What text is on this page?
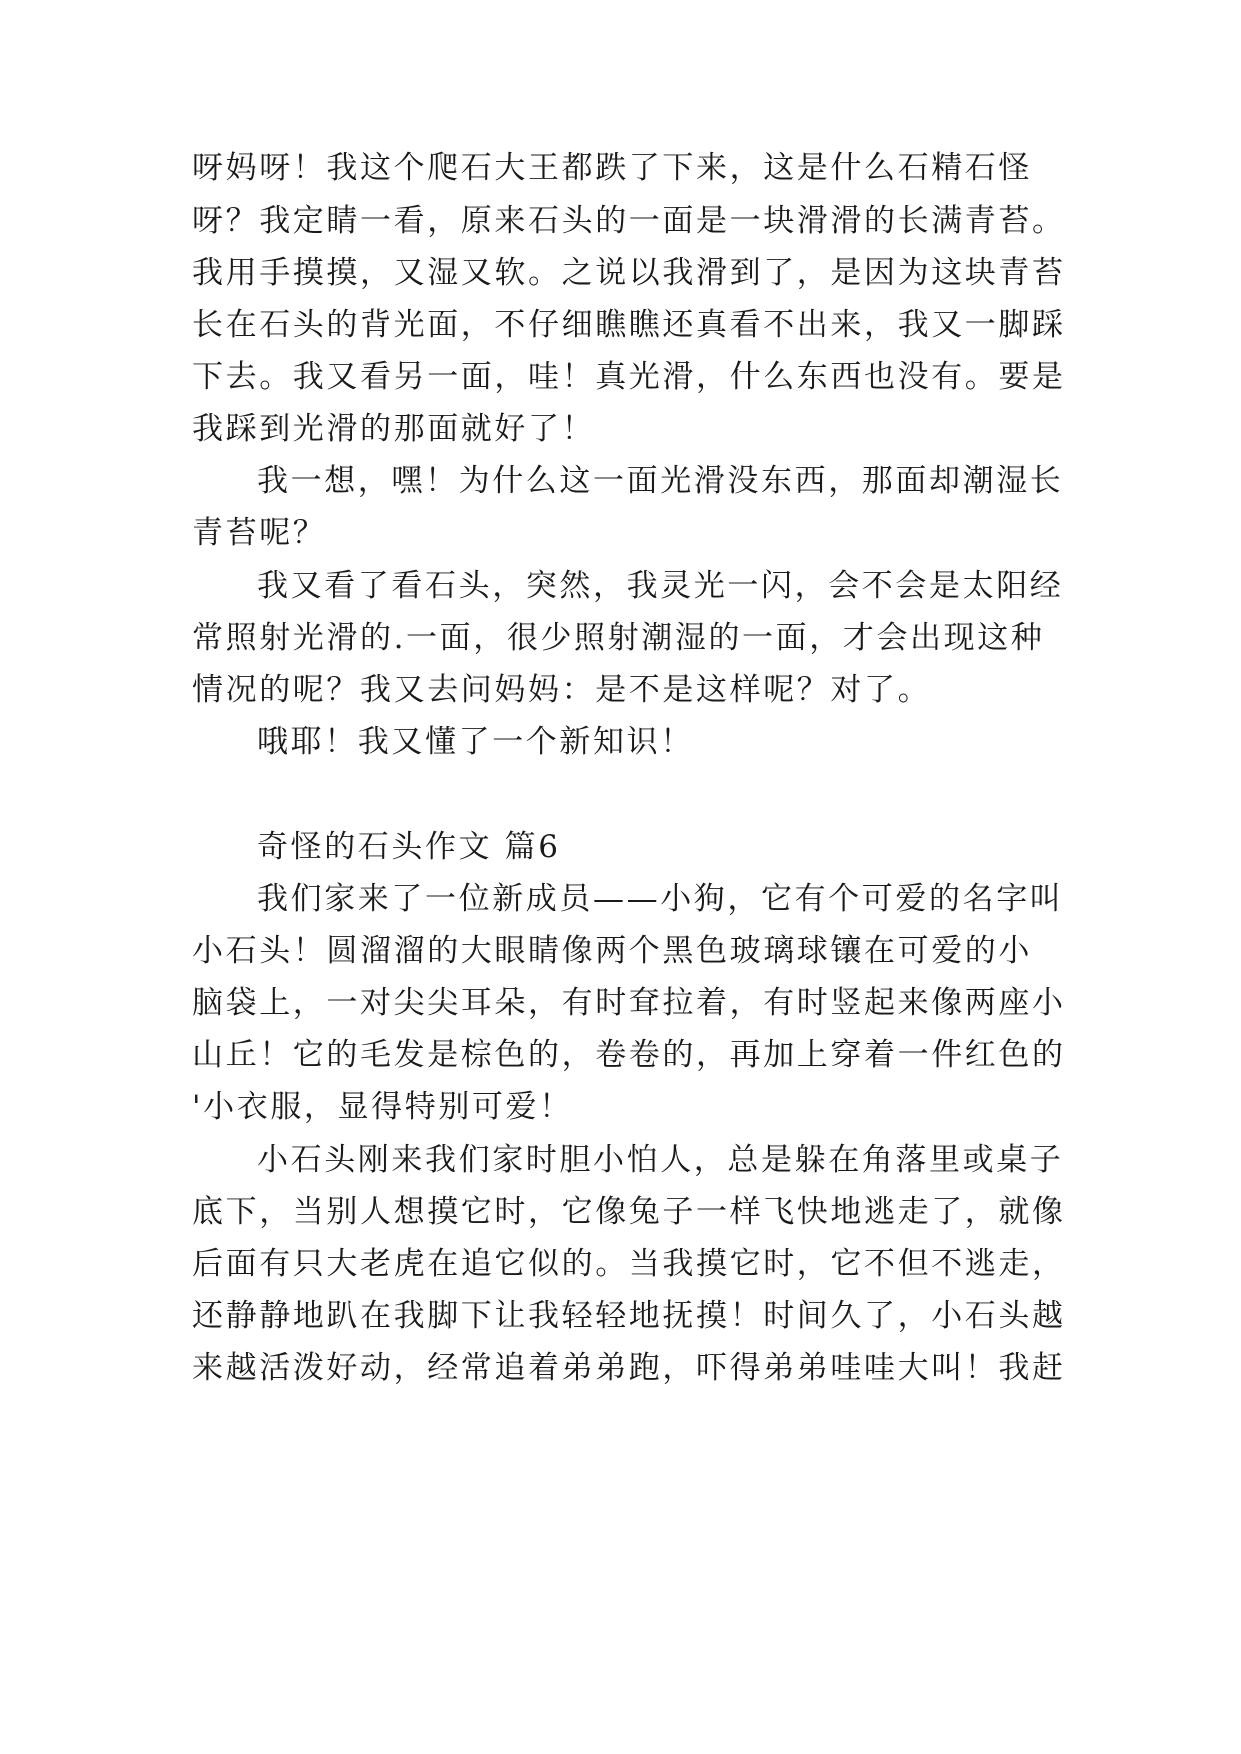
呀妈呀！我这个爬石大王都跌了下来，这是什么石精石怪
呀？我定睛一看，原来石头的一面是一块滑滑的长满青苔。
我用手摸摸，又湿又软。之说以我滑到了，是因为这块青苔
长在石头的背光面，不仔细瞧瞧还真看不出来，我又一脚踩
下去。我又看另一面，哇！真光滑，什么东西也没有。要是
我踩到光滑的那面就好了！
我一想，嘿！为什么这一面光滑没东西，那面却潮湿长
青苔呢？
我又看了看石头，突然，我灵光一闪，会不会是太阳经
常照射光滑的.一面，很少照射潮湿的一面，才会出现这种
情况的呢？我又去问妈妈：是不是这样呢？对了。
哦耶！我又懂了一个新知识！
奇怪的石头作文 篇6
我们家来了一位新成员——小狗，它有个可爱的名字叫
小石头！圆溜溜的大眼睛像两个黑色玻璃球镶在可爱的小
脑袋上，一对尖尖耳朵，有时耷拉着，有时竖起来像两座小
山丘！它的毛发是棕色的，卷卷的，再加上穿着一件红色的
'小衣服，显得特别可爱！
小石头刚来我们家时胆小怕人，总是躲在角落里或桌子
底下，当别人想摸它时，它像兔子一样飞快地逃走了，就像
后面有只大老虎在追它似的。当我摸它时，它不但不逃走，
还静静地趴在我脚下让我轻轻地抚摸！时间久了，小石头越
来越活泼好动，经常追着弟弟跑，吓得弟弟哇哇大叫！我赶
